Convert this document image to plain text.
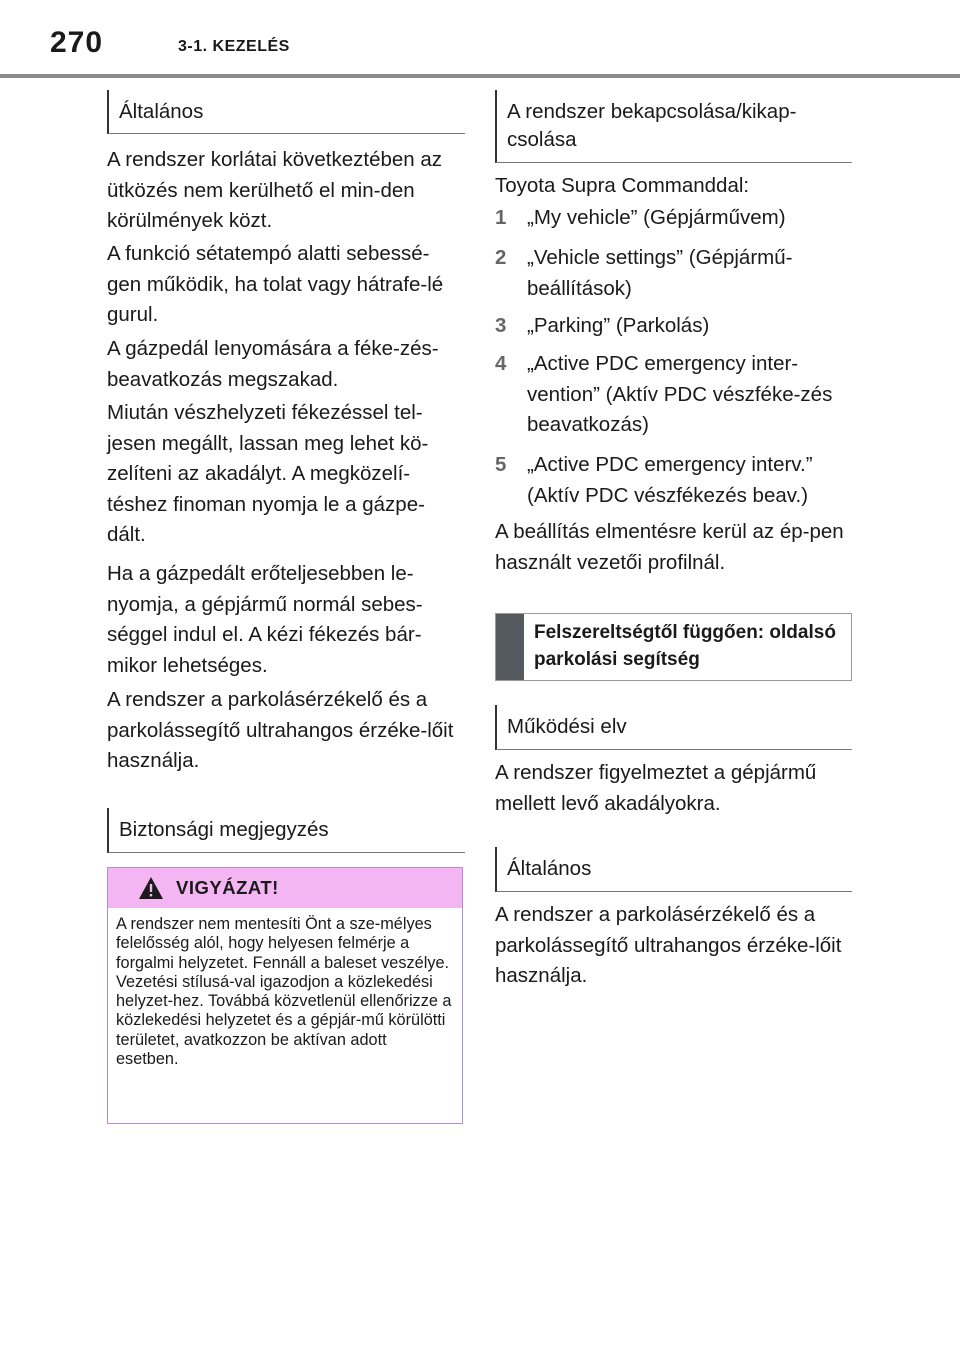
270	3-1. KEZELÉS
Általános

A rendszer korlátai következtében az ütközés nem kerülhető el min-den körülmények közt.

A funkció sétatempó alatti sebessé-gen működik, ha tolat vagy hátrafe-lé gurul.

A gázpedál lenyomására a féke-zés-beavatkozás megszakad.

Miután vészhelyzeti fékezéssel tel-jesen megállt, lassan meg lehet kö-zelíteni az akadályt. A megközelí-téshez finoman nyomja le a gázpe-dált.

Ha a gázpedált erőteljesebben le-nyomja, a gépjármű normál sebes-séggel indul el. A kézi fékezés bár-mikor lehetséges.

A rendszer a parkolásérzékelő és a parkolássegítő ultrahangos érzéke-lőit használja.

Biztonsági megjegyzés
VIGYÁZAT!

A rendszer nem mentesíti Önt a sze-mélyes felelősség alól, hogy helyesen felmérje a forgalmi helyzetet. Fennáll a baleset veszélye. Vezetési stílusá-val igazodjon a közlekedési helyzet-hez. Továbbá közvetlenül ellenőrizze a közlekedési helyzetet és a gépjár-mű körülötti területet, avatkozzon be aktívan adott esetben.

A rendszer bekapcsolása/kikap-csolása

Toyota Supra Commanddal:

1 „My vehicle” (Gépjárművem)
2 „Vehicle settings” (Gépjármű-beállítások)
3 „Parking” (Parkolás)
4 „Active PDC emergency inter-vention” (Aktív PDC vészféke-zés beavatkozás)
5 „Active PDC emergency interv.” (Aktív PDC vészfékezés beav.)

A beállítás elmentésre kerül az ép-pen használt vezetői profilnál.

Felszereltségtől függően: oldalsó parkolási segítség
Működési elv

A rendszer figyelmeztet a gépjármű mellett levő akadályokra.

Általános

A rendszer a parkolásérzékelő és a parkolássegítő ultrahangos érzéke-lőit használja.
